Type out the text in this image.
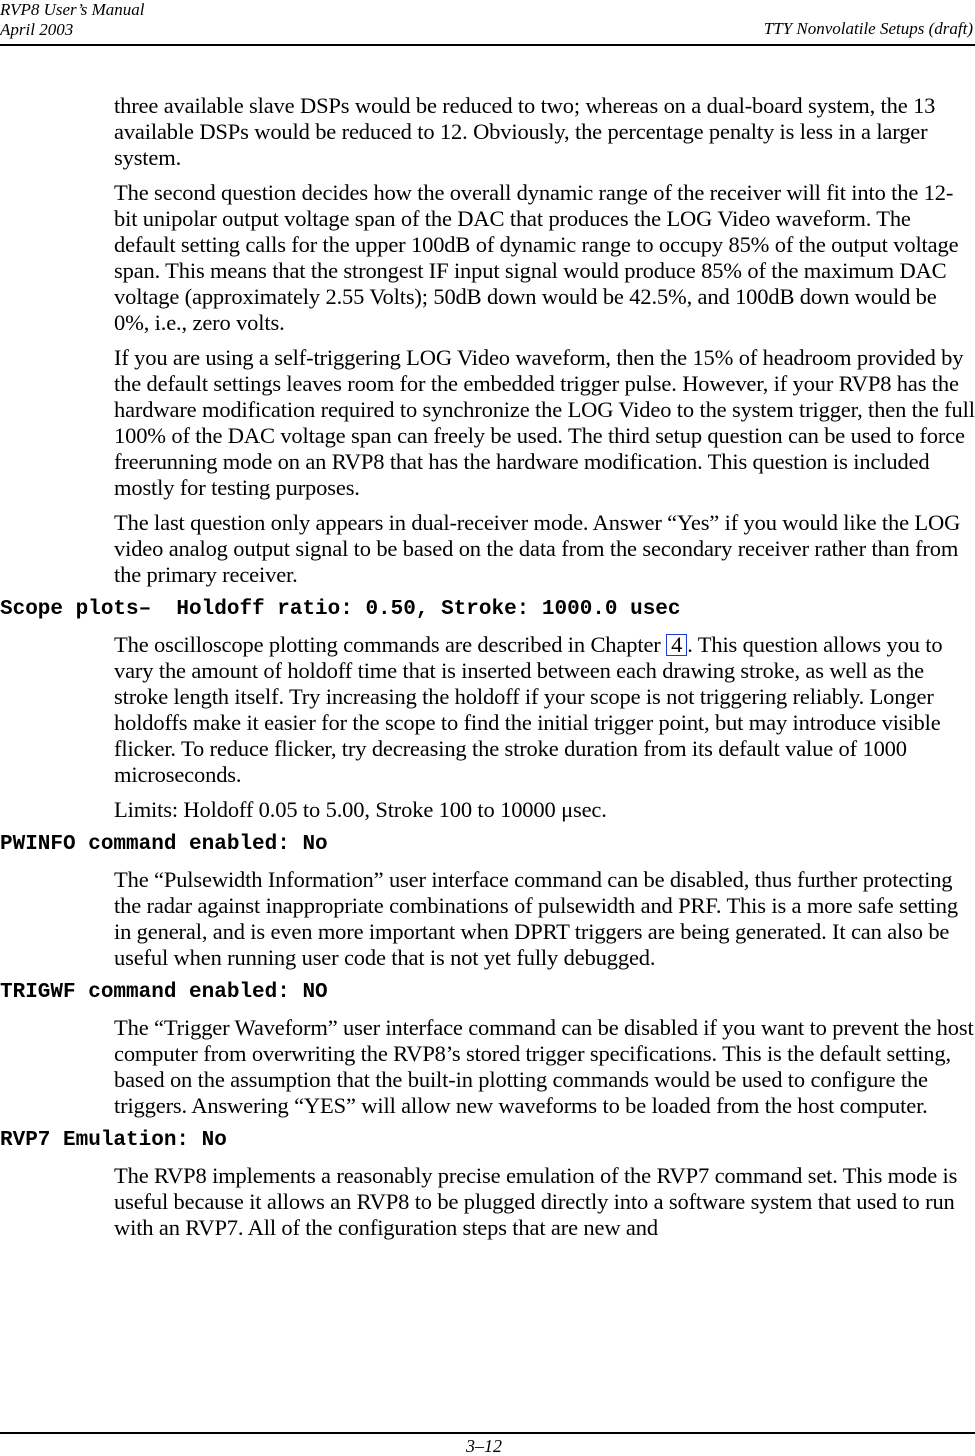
RVP8 User’s Manual
April 2003	TTY Nonvolatile Setups (draft)

three available slave DSPs would be reduced to two; whereas on a dual-board system, the 13 available DSPs would be reduced to 12. Obviously, the percentage penalty is less in a larger system.

The second question decides how the overall dynamic range of the receiver will fit into the 12-bit unipolar output voltage span of the DAC that produces the LOG Video waveform. The default setting calls for the upper 100dB of dynamic range to occupy 85% of the output voltage span. This means that the strongest IF input signal would produce 85% of the maximum DAC voltage (approximately 2.55 Volts); 50dB down would be 42.5%, and 100dB down would be 0%, i.e., zero volts.

If you are using a self-triggering LOG Video waveform, then the 15% of headroom provided by the default settings leaves room for the embedded trigger pulse. However, if your RVP8 has the hardware modification required to synchronize the LOG Video to the system trigger, then the full 100% of the DAC voltage span can freely be used. The third setup question can be used to force freerunning mode on an RVP8 that has the hardware modification. This question is included mostly for testing purposes.

The last question only appears in dual-receiver mode. Answer “Yes” if you would like the LOG video analog output signal to be based on the data from the secondary receiver rather than from the primary receiver.

Scope plots–  Holdoff ratio: 0.50, Stroke: 1000.0 usec

The oscilloscope plotting commands are described in Chapter 4 . This question allows you to vary the amount of holdoff time that is inserted between each drawing stroke, as well as the stroke length itself. Try increasing the holdoff if your scope is not triggering reliably. Longer holdoffs make it easier for the scope to find the initial trigger point, but may introduce visible flicker. To reduce flicker, try decreasing the stroke duration from its default value of 1000 microseconds.

Limits: Holdoff 0.05 to 5.00, Stroke 100 to 10000 μsec.

PWINFO command enabled: No

The “Pulsewidth Information” user interface command can be disabled, thus further protecting the radar against inappropriate combinations of pulsewidth and PRF. This is a more safe setting in general, and is even more important when DPRT triggers are being generated. It can also be useful when running user code that is not yet fully debugged.

TRIGWF command enabled: NO

The “Trigger Waveform” user interface command can be disabled if you want to prevent the host computer from overwriting the RVP8’s stored trigger specifications. This is the default setting, based on the assumption that the built-in plotting commands would be used to configure the triggers. Answering “YES” will allow new waveforms to be loaded from the host computer.

RVP7 Emulation: No

The RVP8 implements a reasonably precise emulation of the RVP7 command set. This mode is useful because it allows an RVP8 to be plugged directly into a software system that used to run with an RVP7. All of the configuration steps that are new and

3–12
